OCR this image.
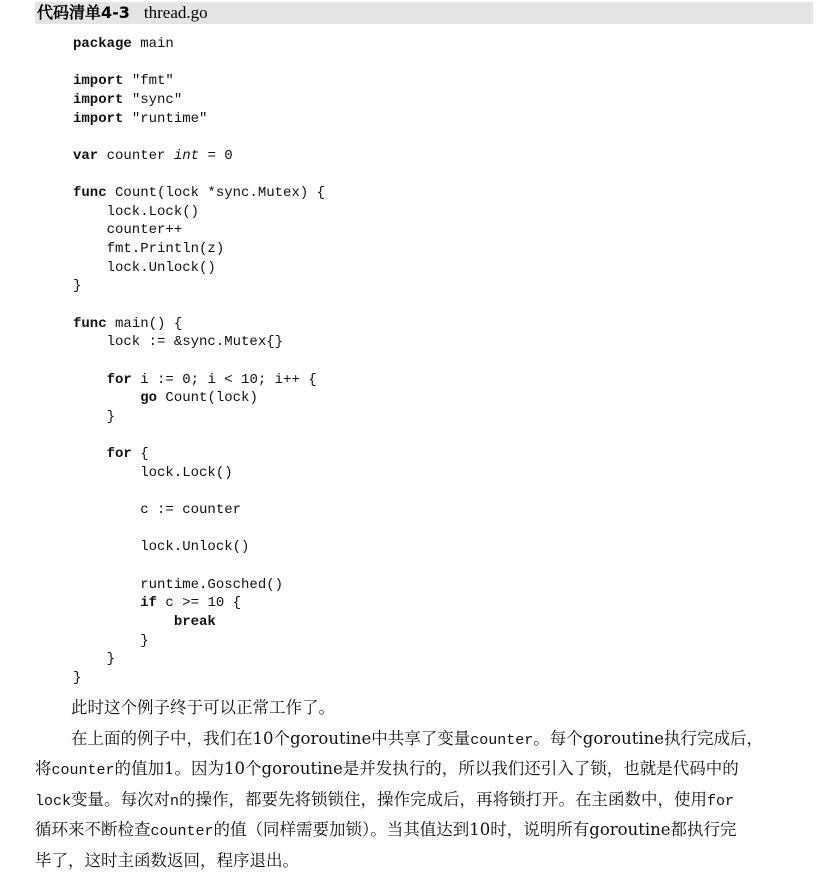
代码清单4-3 thread.go
package main
import "fmt"
import "sync"
import "runtime"
var counter int = 0
func Count(lock *sync.Mutex) {
lock.Lock()
counter++
fmt.Println(z)
lock.Unlock()
}
func main() {
lock := &sync.Mutex{}
for i := 0; i < 10; i++ {
go Count(lock)
}
for {
lock.Lock()
c := counter
lock.Unlock()
runtime.Gosched()
if c >= 10 {
break
}
}
}
此时这个例子终于可以正常工作了。
在上面的例子中，我们在10个goroutine中共享了变量counter。每个goroutine执行完成后，
将counter的值加1。因为10个goroutine是并发执行的，所以我们还引入了锁，也就是代码中的
lock变量。每次对n的操作，都要先将锁锁住，操作完成后，再将锁打开。在主函数中，使用for
循环来不断检查counter的值（同样需要加锁）。当其值达到10时，说明所有goroutine都执行完
毕了，这时主函数返回，程序退出。
